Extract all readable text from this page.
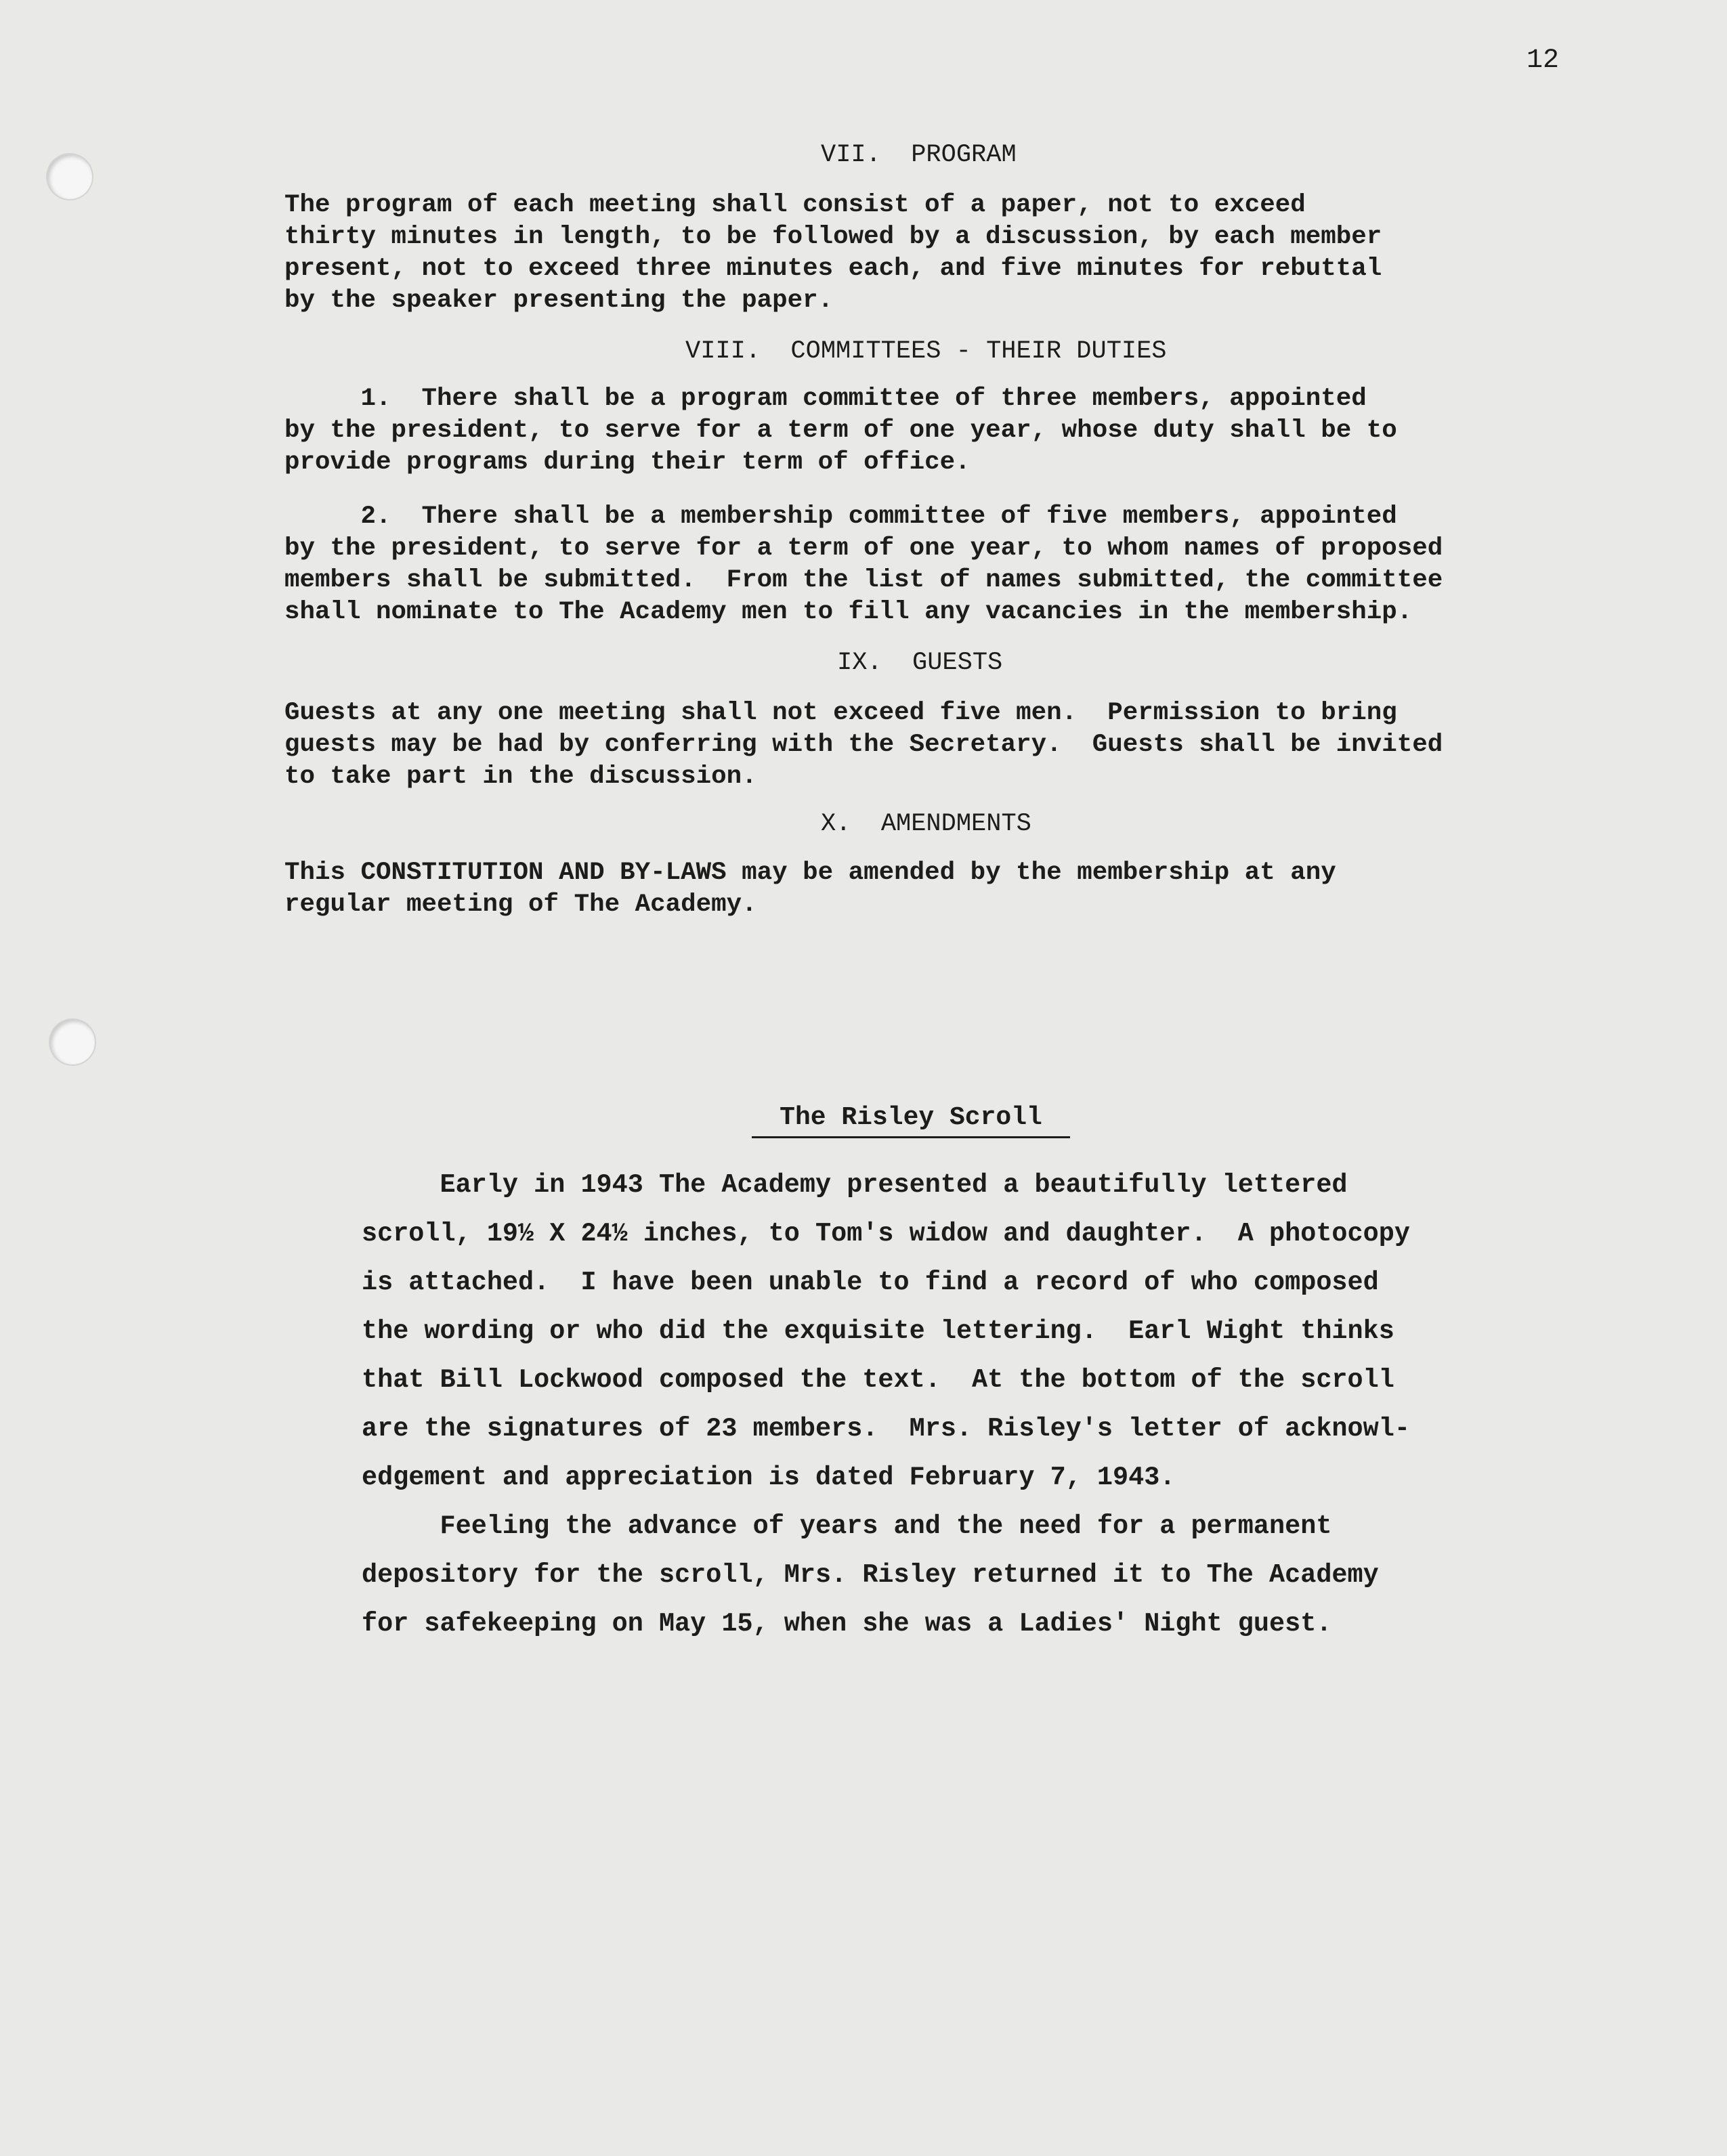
12
VII.  PROGRAM

The program of each meeting shall consist of a paper, not to exceed
thirty minutes in length, to be followed by a discussion, by each member
present, not to exceed three minutes each, and five minutes for rebuttal
by the speaker presenting the paper.

VIII.  COMMITTEES - THEIR DUTIES

1.  There shall be a program committee of three members, appointed
by the president, to serve for a term of one year, whose duty shall be to
provide programs during their term of office.

2.  There shall be a membership committee of five members, appointed
by the president, to serve for a term of one year, to whom names of proposed
members shall be submitted.  From the list of names submitted, the committee
shall nominate to The Academy men to fill any vacancies in the membership.

IX.  GUESTS

Guests at any one meeting shall not exceed five men.  Permission to bring
guests may be had by conferring with the Secretary.  Guests shall be invited
to take part in the discussion.

X.  AMENDMENTS

This CONSTITUTION AND BY-LAWS may be amended by the membership at any
regular meeting of The Academy.

The Risley Scroll

Early in 1943 The Academy presented a beautifully lettered
scroll, 19½ X 24½ inches, to Tom's widow and daughter.  A photocopy
is attached.  I have been unable to find a record of who composed
the wording or who did the exquisite lettering.  Earl Wight thinks
that Bill Lockwood composed the text.  At the bottom of the scroll
are the signatures of 23 members.  Mrs. Risley's letter of acknowl-
edgement and appreciation is dated February 7, 1943.

Feeling the advance of years and the need for a permanent
depository for the scroll, Mrs. Risley returned it to The Academy
for safekeeping on May 15, when she was a Ladies' Night guest.
